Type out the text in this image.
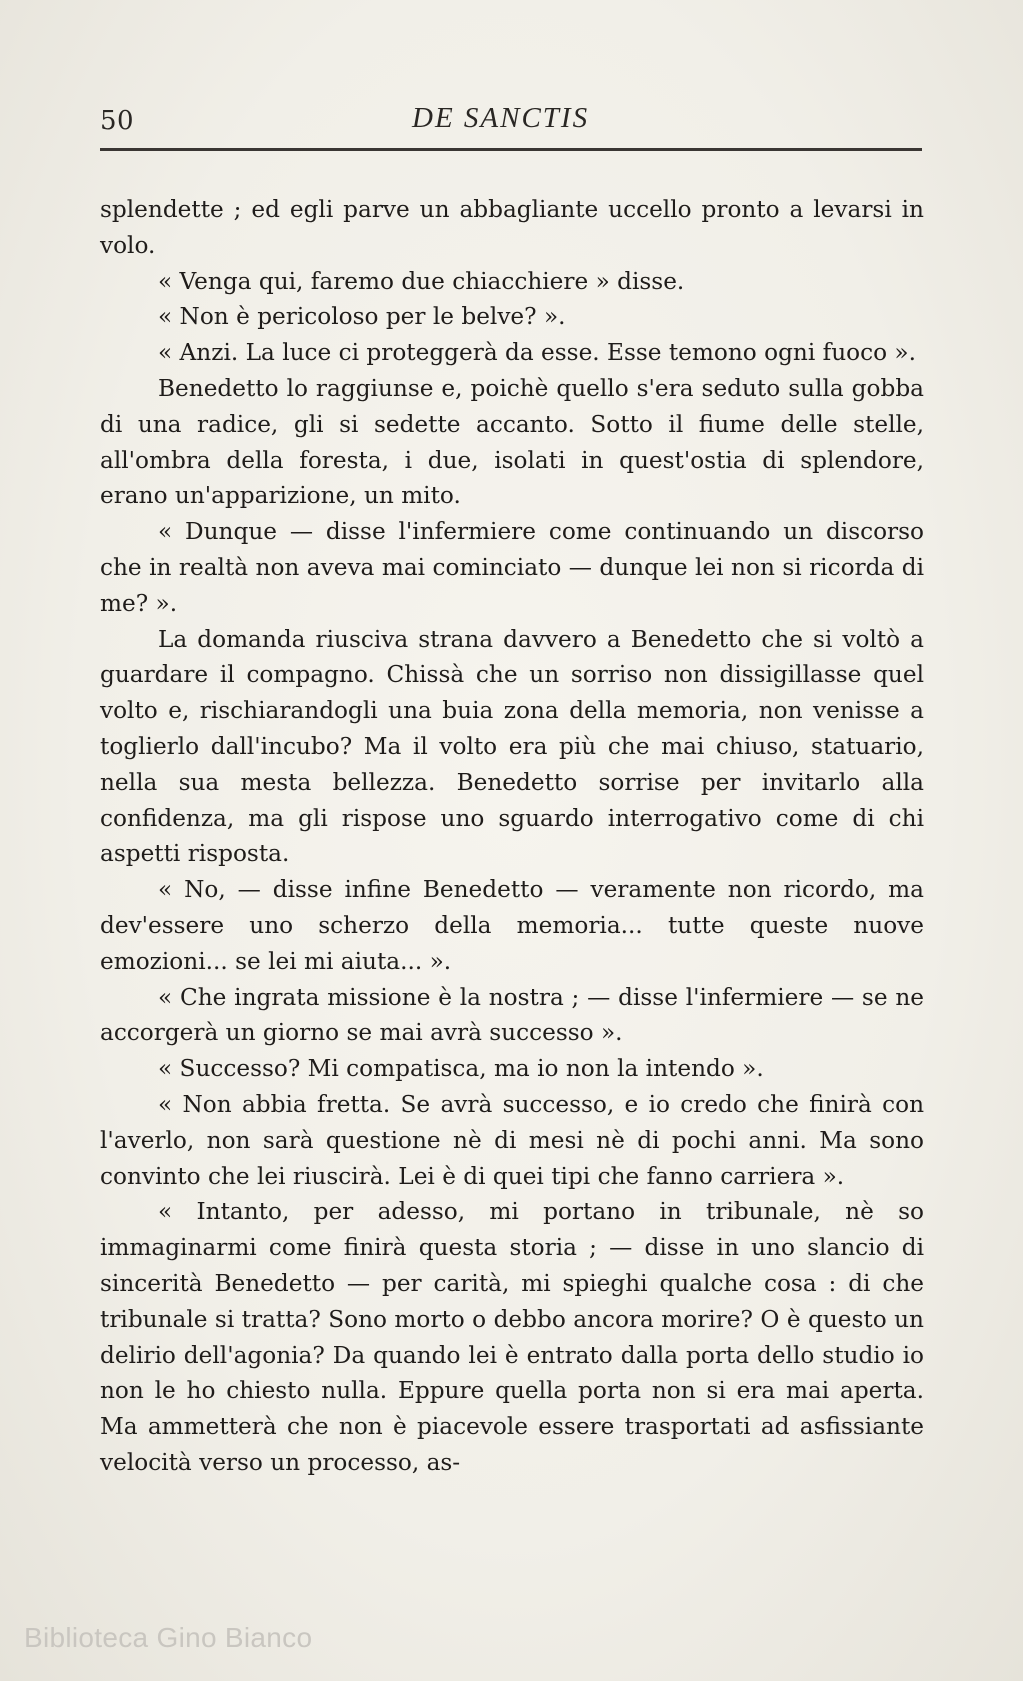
50	DE SANCTIS

splendette ; ed egli parve un abbagliante uccello pronto a levarsi in volo.

« Venga qui, faremo due chiacchiere » disse.

« Non è pericoloso per le belve? ».

« Anzi. La luce ci proteggerà da esse. Esse temono ogni fuoco ».

Benedetto lo raggiunse e, poichè quello s'era seduto sulla gobba di una radice, gli si sedette accanto. Sotto il fiume delle stelle, all'ombra della foresta, i due, isolati in quest'ostia di splendore, erano un'apparizione, un mito.

« Dunque — disse l'infermiere come continuando un discorso che in realtà non aveva mai cominciato — dunque lei non si ricorda di me? ».

La domanda riusciva strana davvero a Benedetto che si voltò a guardare il compagno. Chissà che un sorriso non dissigillasse quel volto e, rischiarandogli una buia zona della memoria, non venisse a toglierlo dall'incubo? Ma il volto era più che mai chiuso, statuario, nella sua mesta bellezza. Benedetto sorrise per invitarlo alla confidenza, ma gli rispose uno sguardo interrogativo come di chi aspetti risposta.

« No, — disse infine Benedetto — veramente non ricordo, ma dev'essere uno scherzo della memoria... tutte queste nuove emozioni... se lei mi aiuta... ».

« Che ingrata missione è la nostra ; — disse l'infermiere — se ne accorgerà un giorno se mai avrà successo ».

« Successo? Mi compatisca, ma io non la intendo ».

« Non abbia fretta. Se avrà successo, e io credo che finirà con l'averlo, non sarà questione nè di mesi nè di pochi anni. Ma sono convinto che lei riuscirà. Lei è di quei tipi che fanno carriera ».

« Intanto, per adesso, mi portano in tribunale, nè so immaginarmi come finirà questa storia ; — disse in uno slancio di sincerità Benedetto — per carità, mi spieghi qualche cosa : di che tribunale si tratta? Sono morto o debbo ancora morire? O è questo un delirio dell'agonia? Da quando lei è entrato dalla porta dello studio io non le ho chiesto nulla. Eppure quella porta non si era mai aperta. Ma ammetterà che non è piacevole essere trasportati ad asfissiante velocità verso un processo, as-

Biblioteca Gino Bianco
